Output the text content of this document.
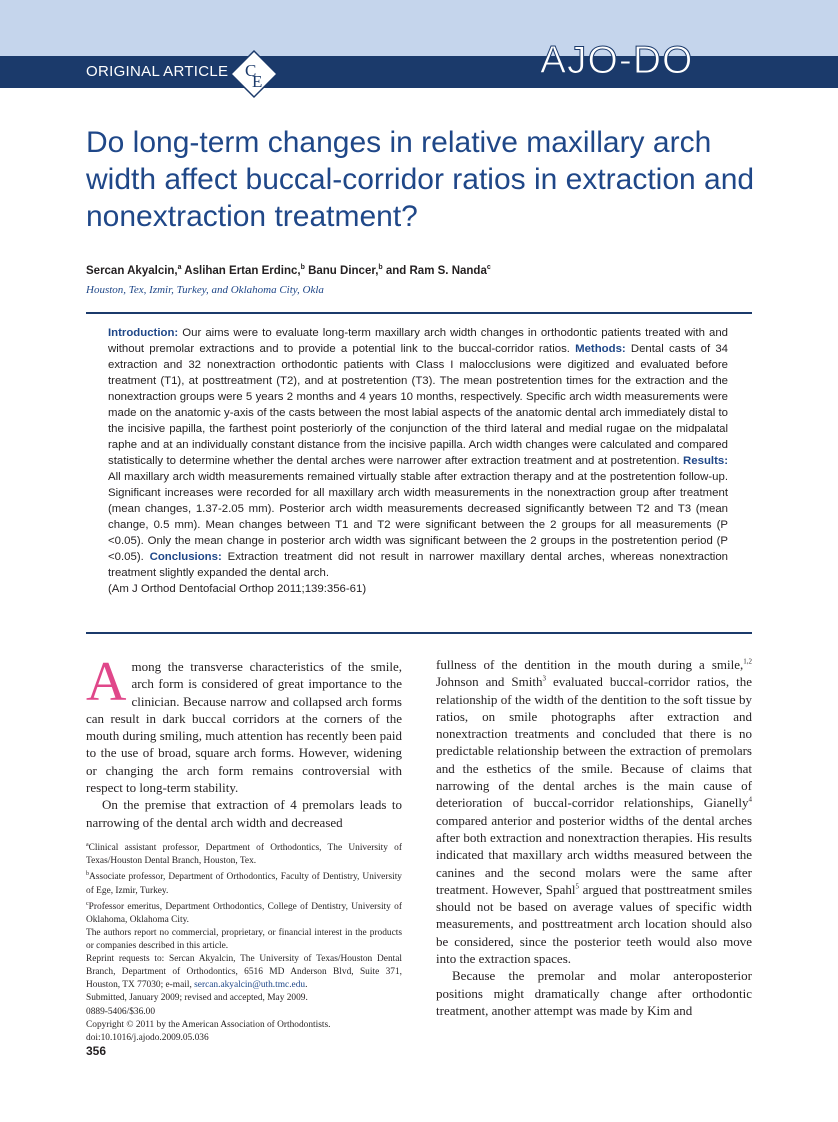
ORIGINAL ARTICLE C
E	AJO-DO
Do long-term changes in relative maxillary arch width affect buccal-corridor ratios in extraction and nonextraction treatment?
Sercan Akyalcin,$^a$ Aslihan Ertan Erdinc,$^b$ Banu Dincer,$^b$ and Ram S. Nanda$^c$
Houston, Tex, Izmir, Turkey, and Oklahoma City, Okla
Introduction: Our aims were to evaluate long-term maxillary arch width changes in orthodontic patients treated with and without premolar extractions and to provide a potential link to the buccal-corridor ratios. Methods: Dental casts of 34 extraction and 32 nonextraction orthodontic patients with Class I malocclusions were digitized and evaluated before treatment (T1), at posttreatment (T2), and at postretention (T3). The mean postretention times for the extraction and the nonextraction groups were 5 years 2 months and 4 years 10 months, respectively. Specific arch width measurements were made on the anatomic y-axis of the casts between the most labial aspects of the anatomic dental arch immediately distal to the incisive papilla, the farthest point posteriorly of the conjunction of the third lateral and medial rugae on the midpalatal raphe and at an individually constant distance from the incisive papilla. Arch width changes were calculated and compared statistically to determine whether the dental arches were narrower after extraction treatment and at postretention. Results: All maxillary arch width measurements remained virtually stable after extraction therapy and at the postretention follow-up. Significant increases were recorded for all maxillary arch width measurements in the nonextraction group after treatment (mean changes, 1.37-2.05 mm). Posterior arch width measurements decreased significantly between T2 and T3 (mean change, 0.5 mm). Mean changes between T1 and T2 were significant between the 2 groups for all measurements (P <0.05). Only the mean change in posterior arch width was significant between the 2 groups in the postretention period (P <0.05). Conclusions: Extraction treatment did not result in narrower maxillary dental arches, whereas nonextraction treatment slightly expanded the dental arch.
(Am J Orthod Dentofacial Orthop 2011;139:356-61)

Among the transverse characteristics of the smile, arch form is considered of great importance to the clinician. Because narrow and collapsed arch forms can result in dark buccal corridors at the corners of the mouth during smiling, much attention has recently been paid to the use of broad, square arch forms. However, widening or changing the arch form remains controversial with respect to long-term stability.

On the premise that extraction of 4 premolars leads to narrowing of the dental arch width and decreased

fullness of the dentition in the mouth during a smile,$^{1,2}$ Johnson and Smith$^3$ evaluated buccal-corridor ratios, the relationship of the width of the dentition to the soft tissue by ratios, on smile photographs after extraction and nonextraction treatments and concluded that there is no predictable relationship between the extraction of premolars and the esthetics of the smile. Because of claims that narrowing of the dental arches is the main cause of deterioration of buccal-corridor relationships, Gianelly$^4$ compared anterior and posterior widths of the dental arches after both extraction and nonextraction therapies. His results indicated that maxillary arch widths measured between the canines and the second molars were the same after treatment. However, Spahl$^5$ argued that posttreatment smiles should not be based on average values of specific width measurements, and posttreatment arch location should also be considered, since the posterior teeth would also move into the extraction spaces.

Because the premolar and molar anteroposterior positions might dramatically change after orthodontic treatment, another attempt was made by Kim and

$^a$Clinical assistant professor, Department of Orthodontics, The University of Texas/Houston Dental Branch, Houston, Tex.

$^b$Associate professor, Department of Orthodontics, Faculty of Dentistry, University of Ege, Izmir, Turkey.

$^c$Professor emeritus, Department Orthodontics, College of Dentistry, University of Oklahoma, Oklahoma City.

The authors report no commercial, proprietary, or financial interest in the products or companies described in this article.

Reprint requests to: Sercan Akyalcin, The University of Texas/Houston Dental Branch, Department of Orthodontics, 6516 MD Anderson Blvd, Suite 371, Houston, TX 77030; e-mail, sercan.akyalcin@uth.tmc.edu.

Submitted, January 2009; revised and accepted, May 2009.

0889-5406/$36.00

Copyright © 2011 by the American Association of Orthodontists.

doi:10.1016/j.ajodo.2009.05.036

356
